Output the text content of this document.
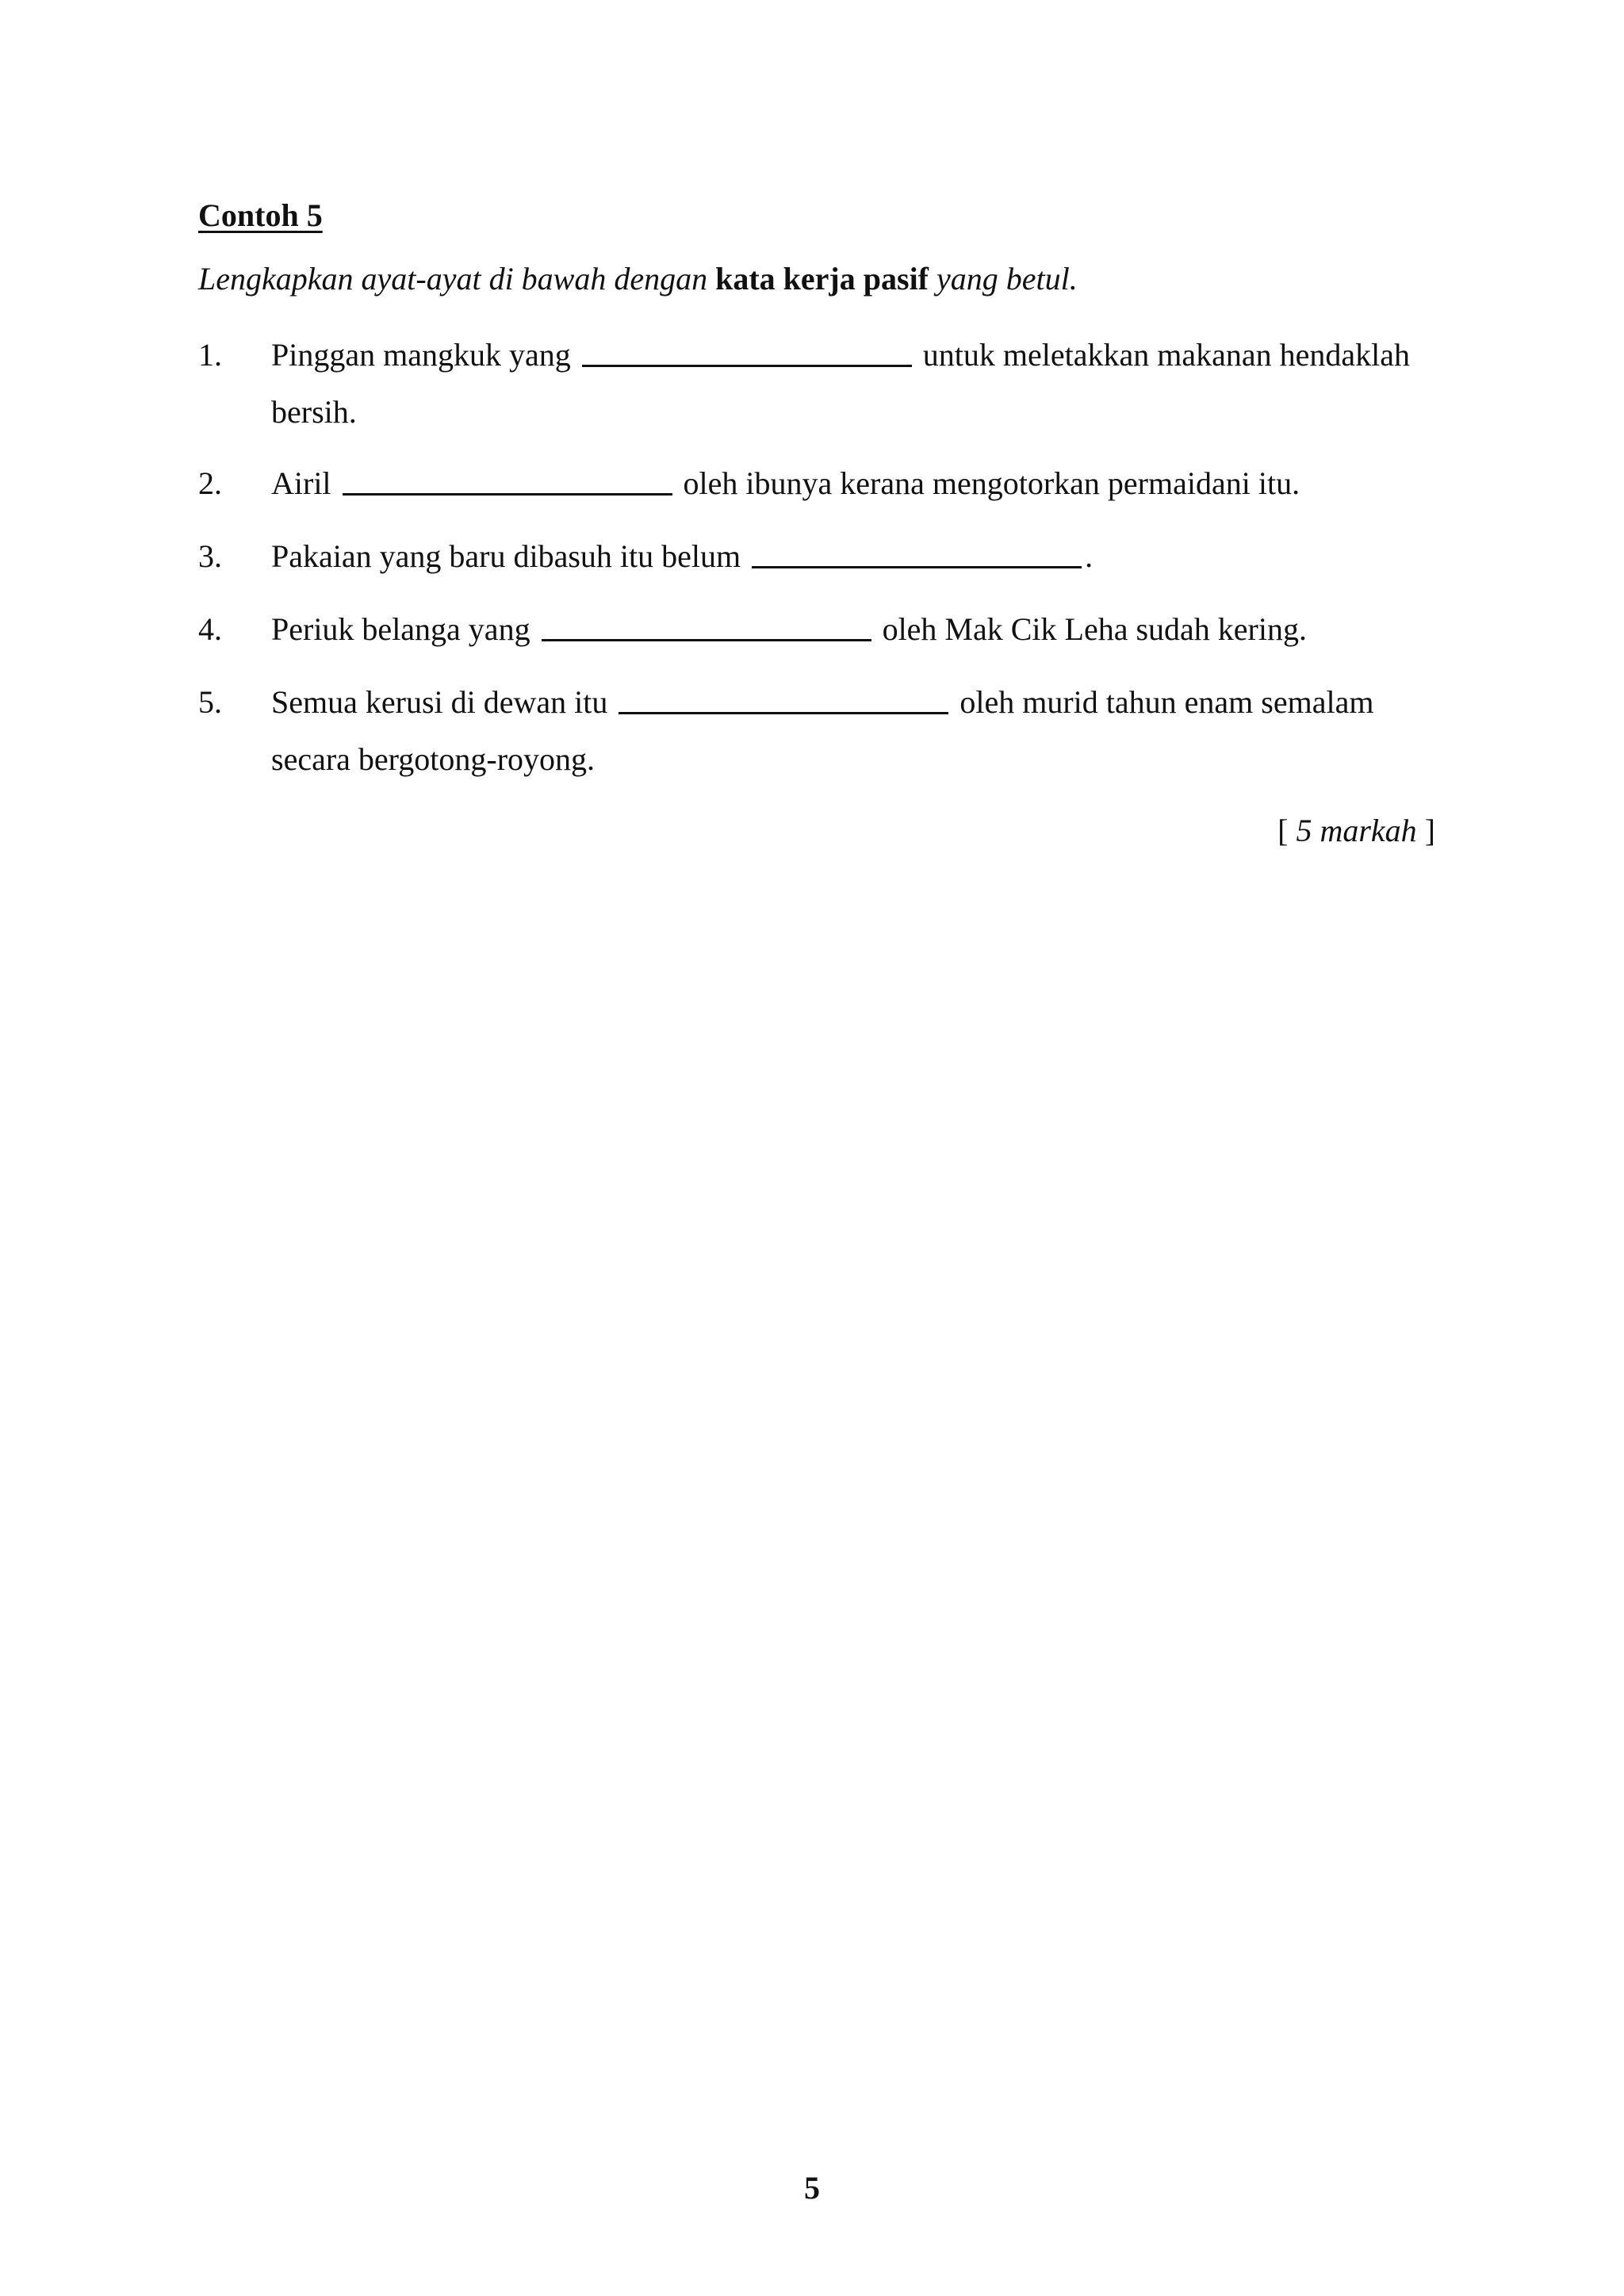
Contoh 5
Lengkapkan ayat-ayat di bawah dengan kata kerja pasif yang betul.
1.	Pinggan mangkuk yang	untuk meletakkan makanan hendaklah bersih.
2.	Airil	oleh ibunya kerana mengotorkan permaidani itu.
3.	Pakaian yang baru dibasuh itu belum	.
4.	Periuk belanga yang	oleh Mak Cik Leha sudah kering.
5.	Semua kerusi di dewan itu	oleh murid tahun enam semalam secara bergotong-royong.
[ 5 markah ]
5
